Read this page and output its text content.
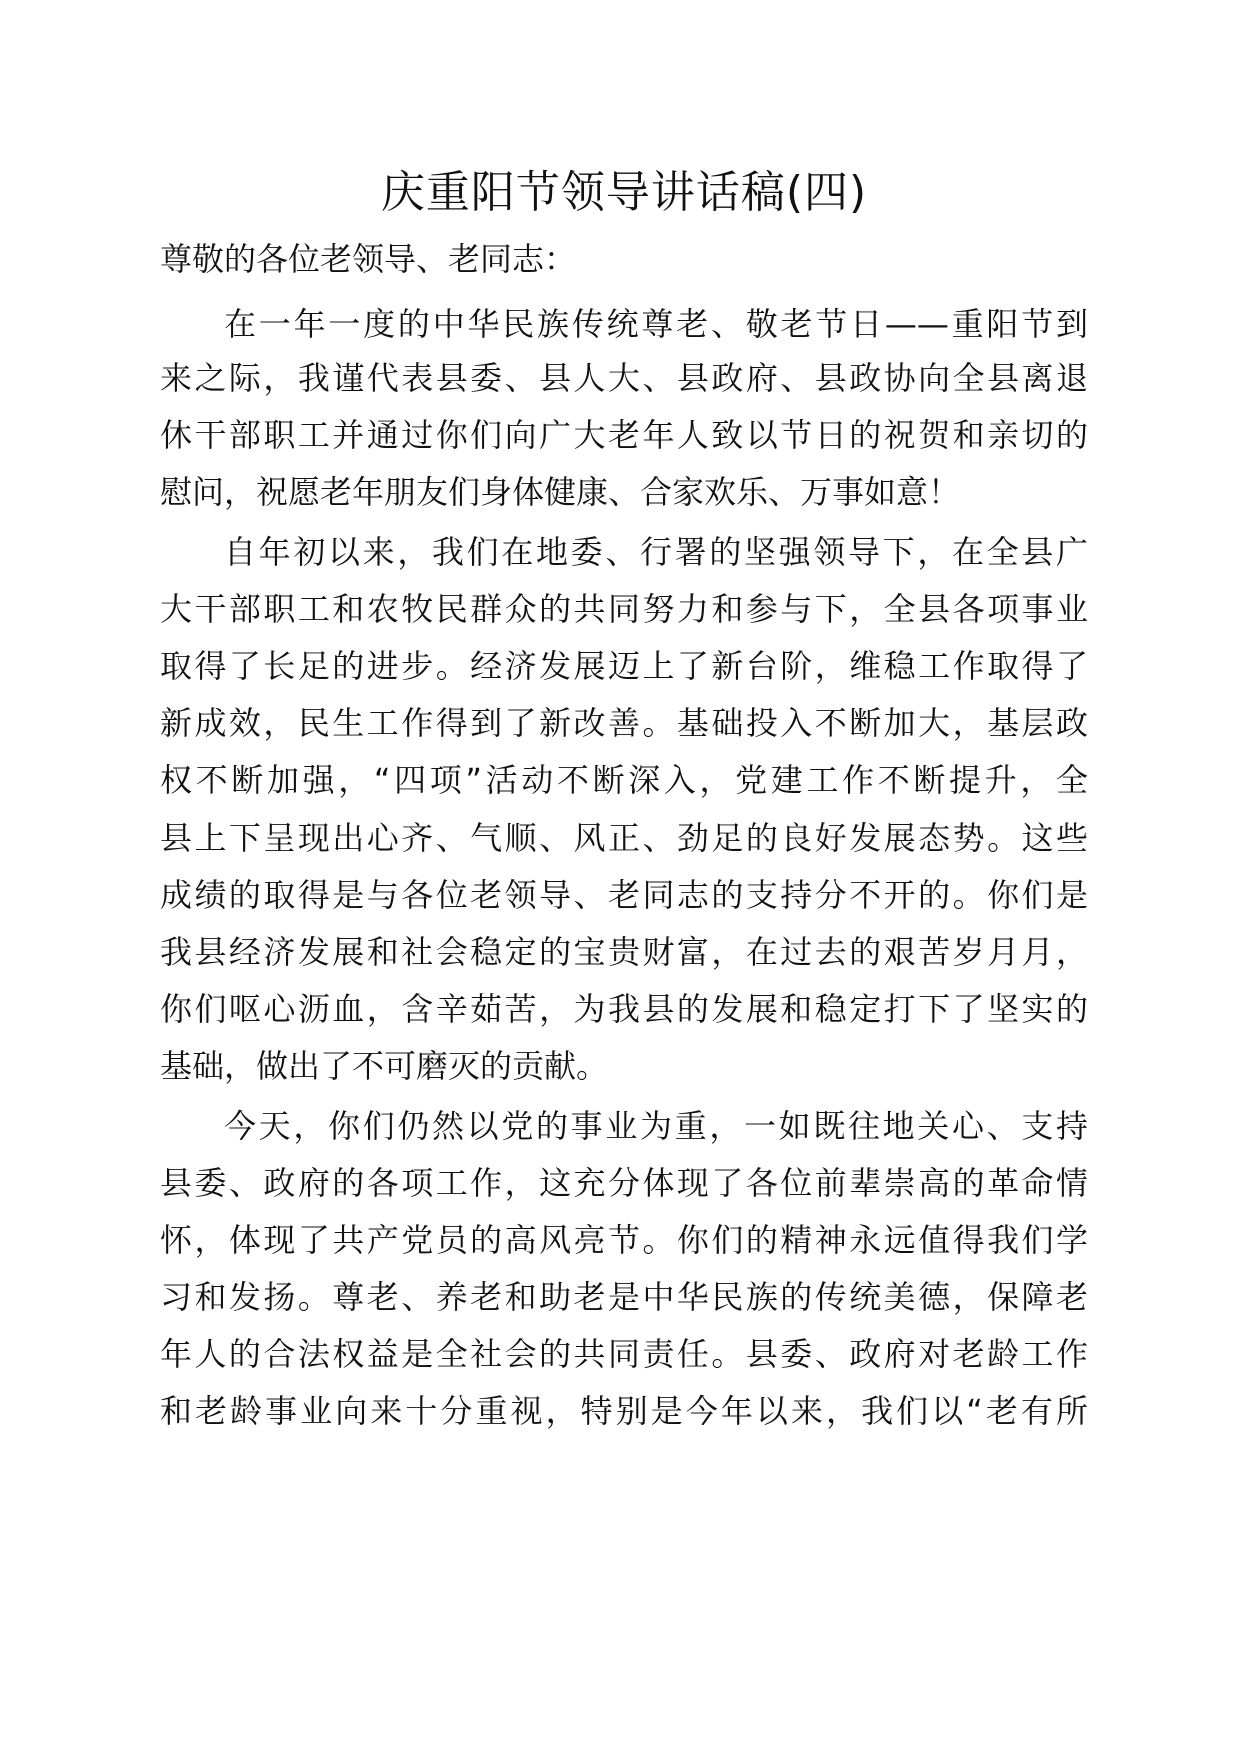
庆重阳节领导讲话稿(四)
尊敬的各位老领导、老同志：
在一年一度的中华民族传统尊老、敬老节日——重阳节到
来之际，我谨代表县委、县人大、县政府、县政协向全县离退
休干部职工并通过你们向广大老年人致以节日的祝贺和亲切的
慰问，祝愿老年朋友们身体健康、合家欢乐、万事如意！
自年初以来，我们在地委、行署的坚强领导下，在全县广
大干部职工和农牧民群众的共同努力和参与下，全县各项事业
取得了长足的进步。经济发展迈上了新台阶，维稳工作取得了
新成效，民生工作得到了新改善。基础投入不断加大，基层政
权不断加强，“四项”活动不断深入，党建工作不断提升，全
县上下呈现出心齐、气顺、风正、劲足的良好发展态势。这些
成绩的取得是与各位老领导、老同志的支持分不开的。你们是
我县经济发展和社会稳定的宝贵财富，在过去的艰苦岁月月，
你们呕心沥血，含辛茹苦，为我县的发展和稳定打下了坚实的
基础，做出了不可磨灭的贡献。
今天，你们仍然以党的事业为重，一如既往地关心、支持
县委、政府的各项工作，这充分体现了各位前辈崇高的革命情
怀，体现了共产党员的高风亮节。你们的精神永远值得我们学
习和发扬。尊老、养老和助老是中华民族的传统美德，保障老
年人的合法权益是全社会的共同责任。县委、政府对老龄工作
和老龄事业向来十分重视，特别是今年以来，我们以“老有所
